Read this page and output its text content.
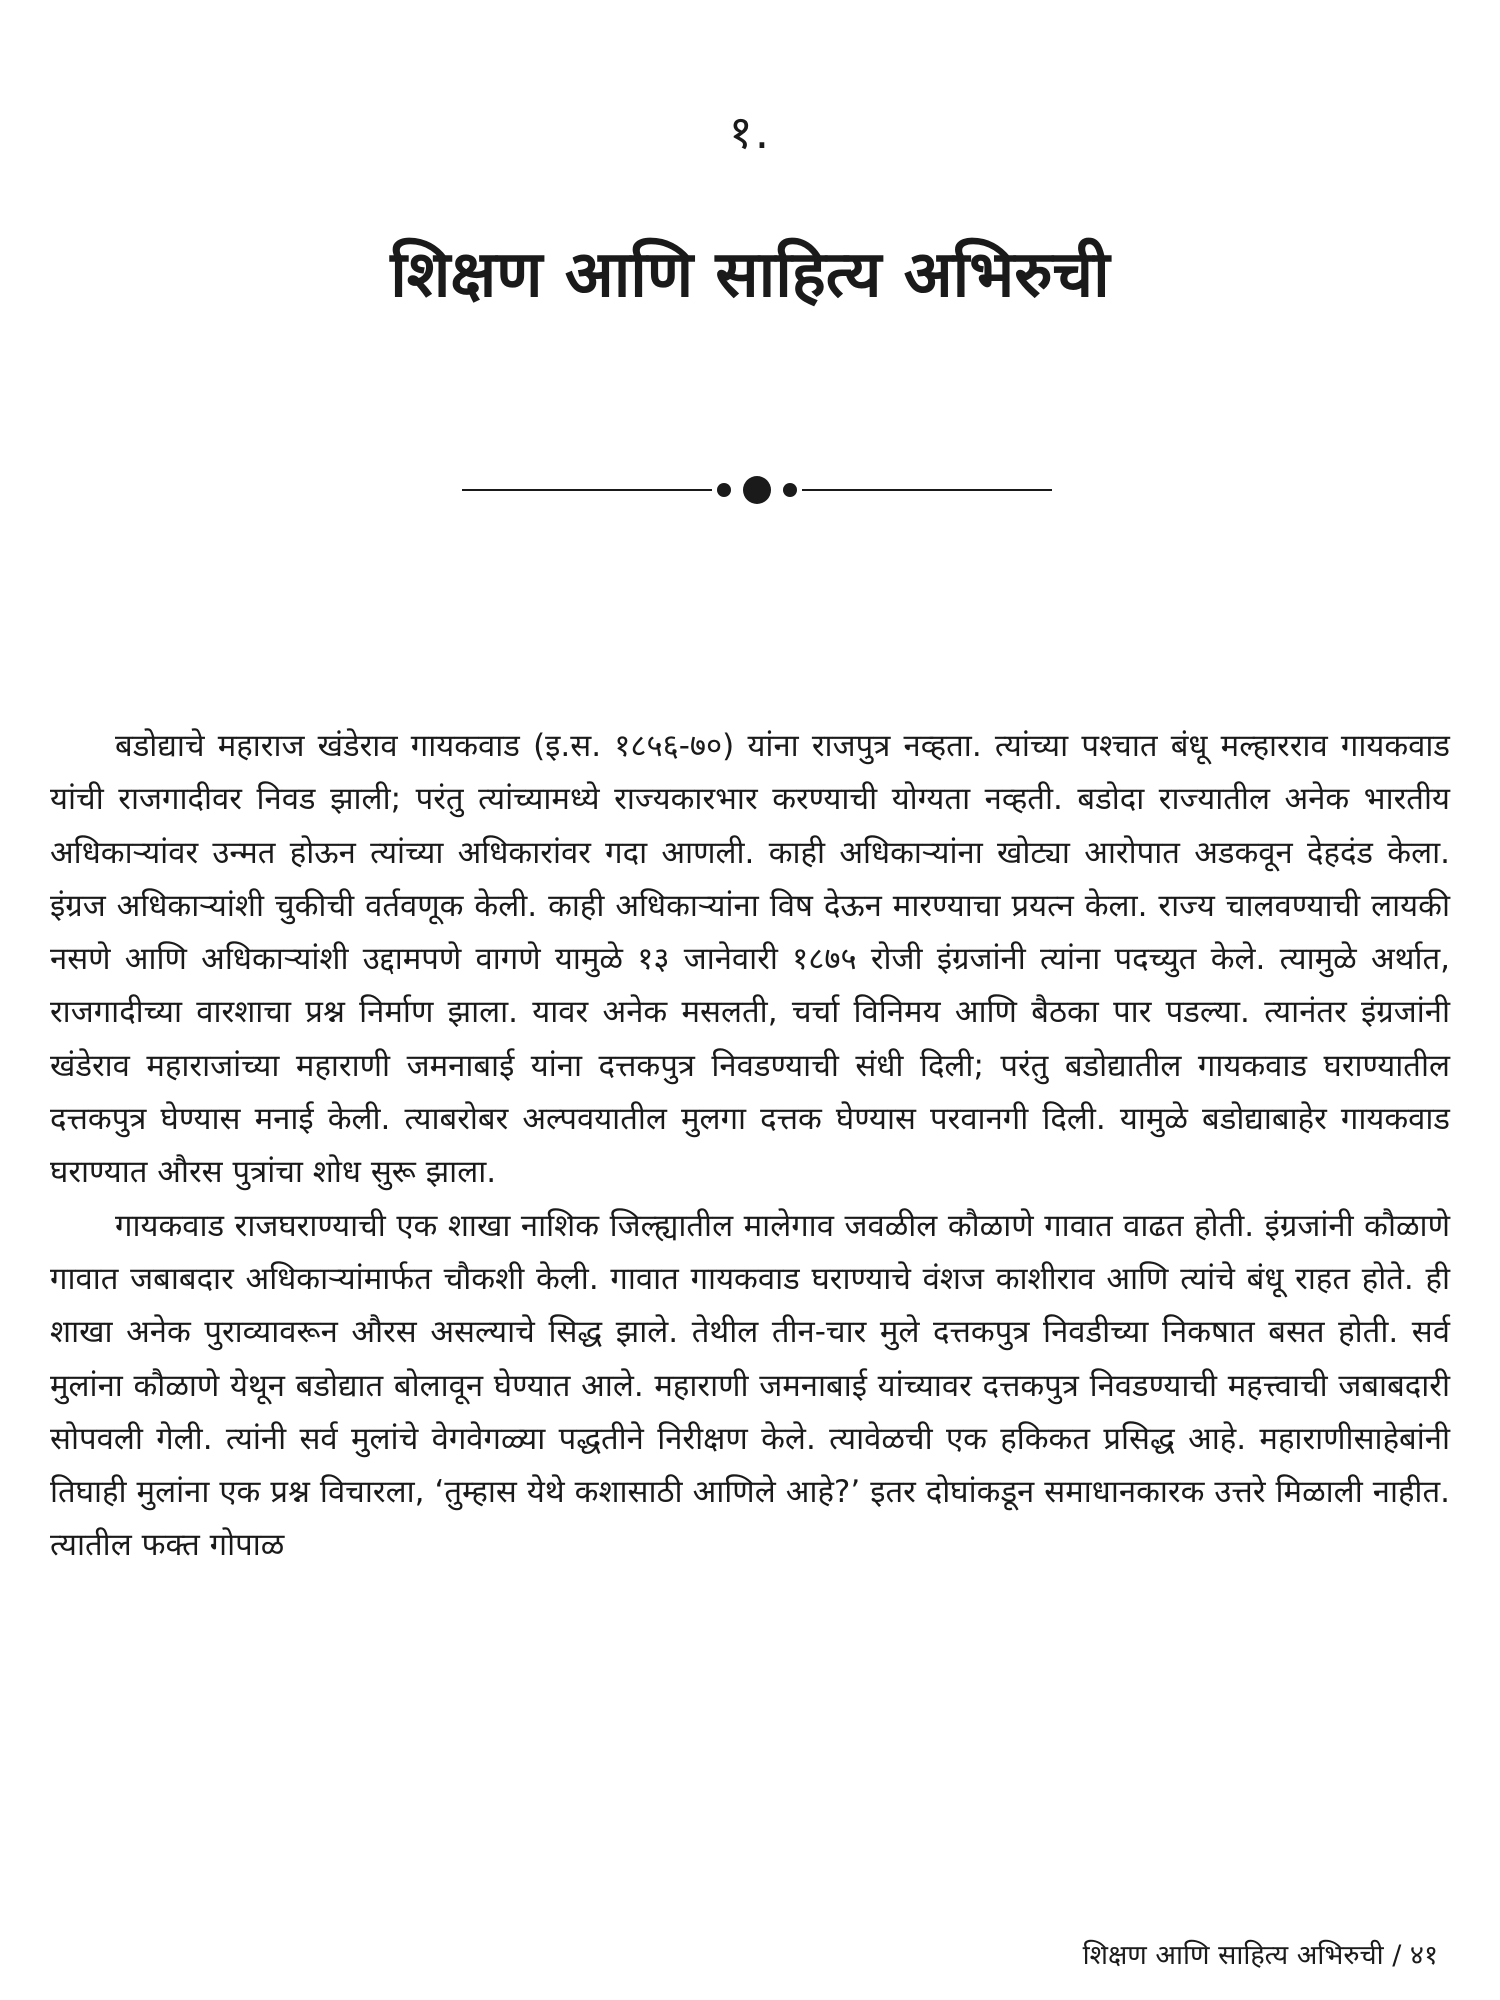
१.
शिक्षण आणि साहित्य अभिरुची

बडोद्याचे महाराज खंडेराव गायकवाड (इ.स. १८५६-७०) यांना राजपुत्र नव्हता. त्यांच्या पश्चात बंधू मल्हारराव गायकवाड यांची राजगादीवर निवड झाली; परंतु त्यांच्यामध्ये राज्यकारभार करण्याची योग्यता नव्हती. बडोदा राज्यातील अनेक भारतीय अधिकाऱ्यांवर उन्मत होऊन त्यांच्या अधिकारांवर गदा आणली. काही अधिकाऱ्यांना खोट्या आरोपात अडकवून देहदंड केला. इंग्रज अधिकाऱ्यांशी चुकीची वर्तवणूक केली. काही अधिकाऱ्यांना विष देऊन मारण्याचा प्रयत्न केला. राज्य चालवण्याची लायकी नसणे आणि अधिकाऱ्यांशी उद्दामपणे वागणे यामुळे १३ जानेवारी १८७५ रोजी इंग्रजांनी त्यांना पदच्युत केले. त्यामुळे अर्थात, राजगादीच्या वारशाचा प्रश्न निर्माण झाला. यावर अनेक मसलती, चर्चा विनिमय आणि बैठका पार पडल्या. त्यानंतर इंग्रजांनी खंडेराव महाराजांच्या महाराणी जमनाबाई यांना दत्तकपुत्र निवडण्याची संधी दिली; परंतु बडोद्यातील गायकवाड घराण्यातील दत्तकपुत्र घेण्यास मनाई केली. त्याबरोबर अल्पवयातील मुलगा दत्तक घेण्यास परवानगी दिली. यामुळे बडोद्याबाहेर गायकवाड घराण्यात औरस पुत्रांचा शोध सुरू झाला.

गायकवाड राजघराण्याची एक शाखा नाशिक जिल्ह्यातील मालेगाव जवळील कौळाणे गावात वाढत होती. इंग्रजांनी कौळाणे गावात जबाबदार अधिकाऱ्यांमार्फत चौकशी केली. गावात गायकवाड घराण्याचे वंशज काशीराव आणि त्यांचे बंधू राहत होते. ही शाखा अनेक पुराव्यावरून औरस असल्याचे सिद्ध झाले. तेथील तीन-चार मुले दत्तकपुत्र निवडीच्या निकषात बसत होती. सर्व मुलांना कौळाणे येथून बडोद्यात बोलावून घेण्यात आले. महाराणी जमनाबाई यांच्यावर दत्तकपुत्र निवडण्याची महत्त्वाची जबाबदारी सोपवली गेली. त्यांनी सर्व मुलांचे वेगवेगळ्या पद्धतीने निरीक्षण केले. त्यावेळची एक हकिकत प्रसिद्ध आहे. महाराणीसाहेबांनी तिघाही मुलांना एक प्रश्न विचारला, ‘तुम्हास येथे कशासाठी आणिले आहे?’ इतर दोघांकडून समाधानकारक उत्तरे मिळाली नाहीत. त्यातील फक्त गोपाळ

शिक्षण आणि साहित्य अभिरुची / ४१
